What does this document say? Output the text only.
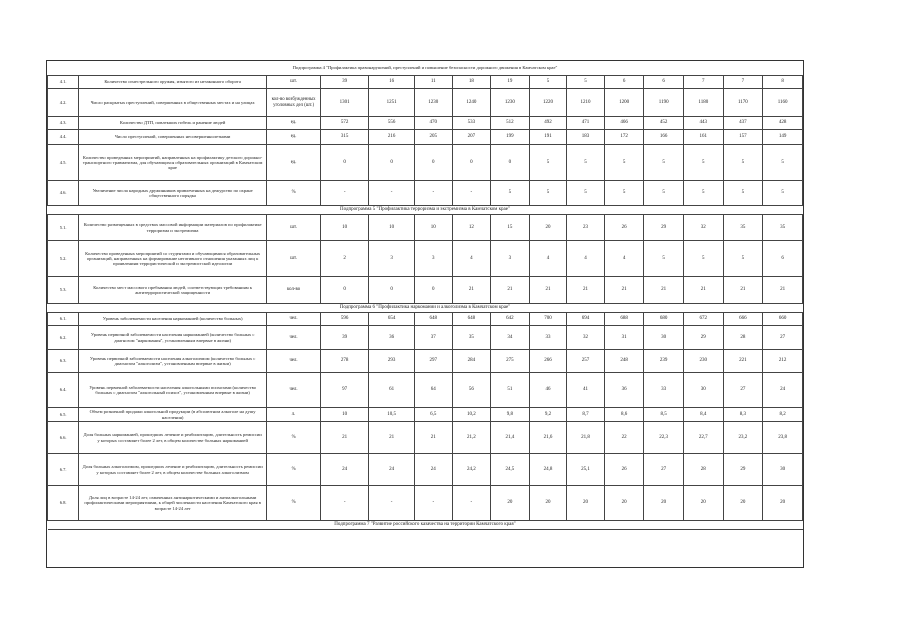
Подпрограмма 4 "Профилактика правонарушений, преступлений и повышение безопасности дорожного движения в Камчатском крае"														
4.1.	Количество огнестрельного оружия, изъятого из незаконного оборота	шт.	39	16	11	18	19	5	5	6	6	7	7	8
4.2.	Число раскрытых преступлений, совершенных в общественных местах и на улицах	кол-во возбужденных уголовных дел (шт.)	1301	1251	1230	1240	1230	1220	1210	1200	1190	1180	1170	1160
4.3.	Количество ДТП, повлекших гибель и ранение людей	ед.	572	556	470	533	512	492	471	466	452	443	437	428
4.4.	Число преступлений, совершенных несовершеннолетними	ед.	315	216	205	207	199	191	183	172	166	161	157	149
4.5.	Количество проведенных мероприятий, направленных на профилактику детского дорожно-транспортного травматизма, для обучающихся образовательных организаций в Камчатском крае	ед.	0	0	0	0	0	5	5	5	5	5	5	5
4.6.	Увеличение числа народных дружинников привлеченных на дежурство по охране общественного порядка	%	-	-	-	-	5	5	5	5	5	5	5	5
Подпрограмма 5 "Профилактика терроризма и экстремизма в Камчатском крае"														
5.1.	Количество размещенных в средствах массовой информации материалов по профилактике терроризма и экстремизма	шт.	10	10	10	12	15	20	23	26	29	32	35	35
5.2.	Количество проведенных мероприятий со студентами и обучающимися образовательных организаций, направленных на формирование негативного отношения указанных лиц к проявлениям террористической и экстремистской идеологии	шт.	2	3	3	4	3	4	4	4	5	5	5	6
5.3.	Количество мест массового пребывания людей, соответствующих требованиям к антитеррористической защищенности	кол-во	0	0	0	21	21	21	21	21	21	21	21	21
Подпрограмма 6 "Профилактика наркомании и алкоголизма в Камчатском крае"														
6.1.	Уровень заболеваемости населения наркоманией (количество больных)	чел.	596	654	648	648	642	700	694	688	680	672	666	660
6.2.	Уровень первичной заболеваемости населения наркоманией (количество больных с диагнозом "наркомания", установленным впервые в жизни)	чел.	39	36	37	35	34	33	32	31	30	29	28	27
6.3.	Уровень первичной заболеваемости населения алкоголизмом (количество больных с диагнозом "алкоголизм", установленным впервые в жизни)	чел.	278	293	297	284	275	266	257	248	239	230	221	212
6.4.	Уровень первичной заболеваемости населения алкогольными психозами (количество больных с диагнозом "алкогольный психоз", установленным впервые в жизни)	чел.	97	61	64	56	51	46	41	36	33	30	27	24
6.5.	Объем розничной продажи алкогольной продукции (в абсолютном алкоголе на душу населения)	л.	10	10,5	6,5	10,2	9,8	9,2	8,7	8,6	8,5	8,4	8,3	8,2
6.6.	Доля больных наркоманией, прошедших лечение и реабилитацию, длительность ремиссии у которых составляет более 2 лет, в общем количестве больных наркоманией	%	21	21	21	21,2	21,4	21,6	21,8	22	22,3	22,7	23,2	23,8
6.7.	Доля больных алкоголизмом, прошедших лечение и реабилитацию, длительность ремиссии у которых составляет более 2 лет, в общем количестве больных алкоголизмом	%	24	24	24	24,2	24,5	24,8	25,1	26	27	28	29	30
6.8.	Доля лиц в возрасте 14-24 лет, охваченных антинаркотическими и антиалкогольными профилактическими мероприятиями, к общей численности населения Камчатского края в возрасте 14-24 лет	%	-	-	-	-	20	20	20	20	20	20	20	20
Подпрограмма 7 "Развитие российского казачества на территории Камчатского края"														
